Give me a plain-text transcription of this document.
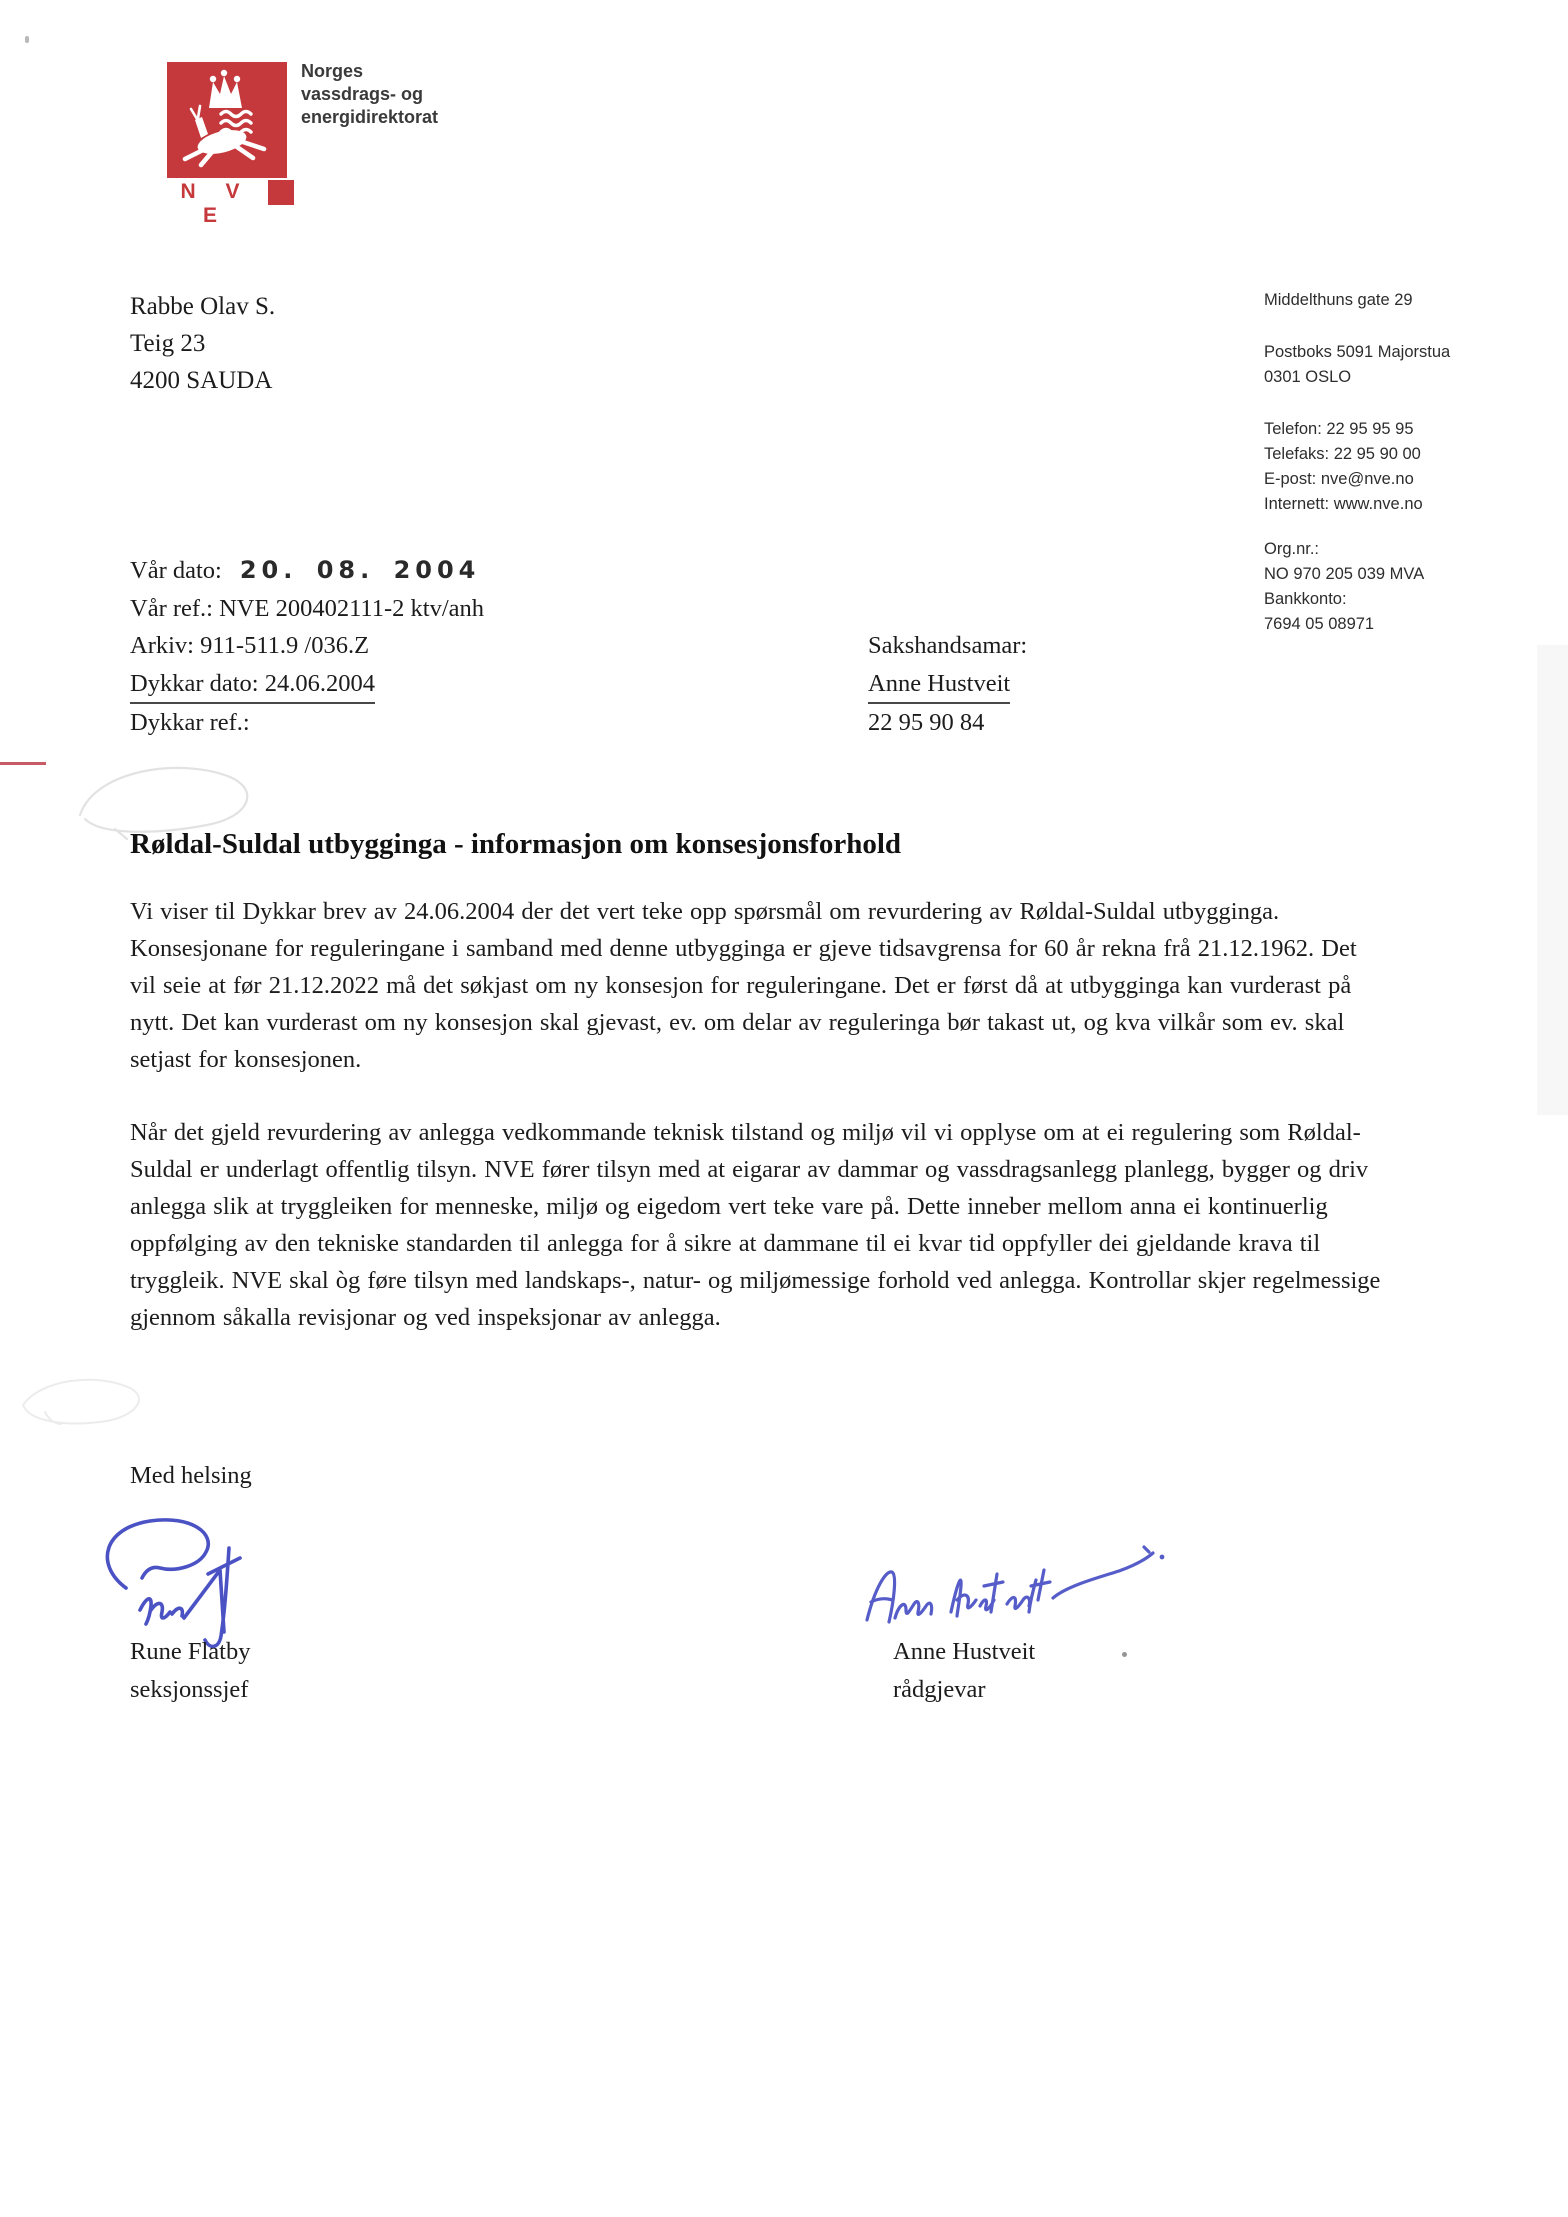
N V E
Norges
vassdrags- og
energidirektorat
Rabbe Olav S.
Teig 23
4200 SAUDA
Middelthuns gate 29
Postboks 5091 Majorstua
0301 OSLO
Telefon: 22 95 95 95
Telefaks: 22 95 90 00
E-post: nve@nve.no
Internett: www.nve.no
Org.nr.:
NO 970 205 039 MVA
Bankkonto:
7694 05 08971
Vår dato: 20. 08. 2004
Vår ref.: NVE 200402111-2 ktv/anh
Arkiv: 911-511.9 /036.Z
Dykkar dato: 24.06.2004
Dykkar ref.:
Sakshandsamar:
Anne Hustveit
22 95 90 84
Røldal-Suldal utbygginga - informasjon om konsesjonsforhold

Vi viser til Dykkar brev av 24.06.2004 der det vert teke opp spørsmål om revurdering av Røldal-Suldal utbygginga. Konsesjonane for reguleringane i samband med denne utbygginga er gjeve tidsavgrensa for 60 år rekna frå 21.12.1962. Det vil seie at før 21.12.2022 må det søkjast om ny konsesjon for reguleringane. Det er først då at utbygginga kan vurderast på nytt. Det kan vurderast om ny konsesjon skal gjevast, ev. om delar av reguleringa bør takast ut, og kva vilkår som ev. skal setjast for konsesjonen.

Når det gjeld revurdering av anlegga vedkommande teknisk tilstand og miljø vil vi opplyse om at ei regulering som Røldal-Suldal er underlagt offentlig tilsyn. NVE fører tilsyn med at eigarar av dammar og vassdragsanlegg planlegg, bygger og driv anlegga slik at tryggleiken for menneske, miljø og eigedom vert teke vare på. Dette inneber mellom anna ei kontinuerlig oppfølging av den tekniske standarden til anlegga for å sikre at dammane til ei kvar tid oppfyller dei gjeldande krava til tryggleik. NVE skal òg føre tilsyn med landskaps-, natur- og miljømessige forhold ved anlegga. Kontrollar skjer regelmessige gjennom såkalla revisjonar og ved inspeksjonar av anlegga.

Med helsing
Rune Flatby
seksjonssjef
Anne Hustveit
rådgjevar
